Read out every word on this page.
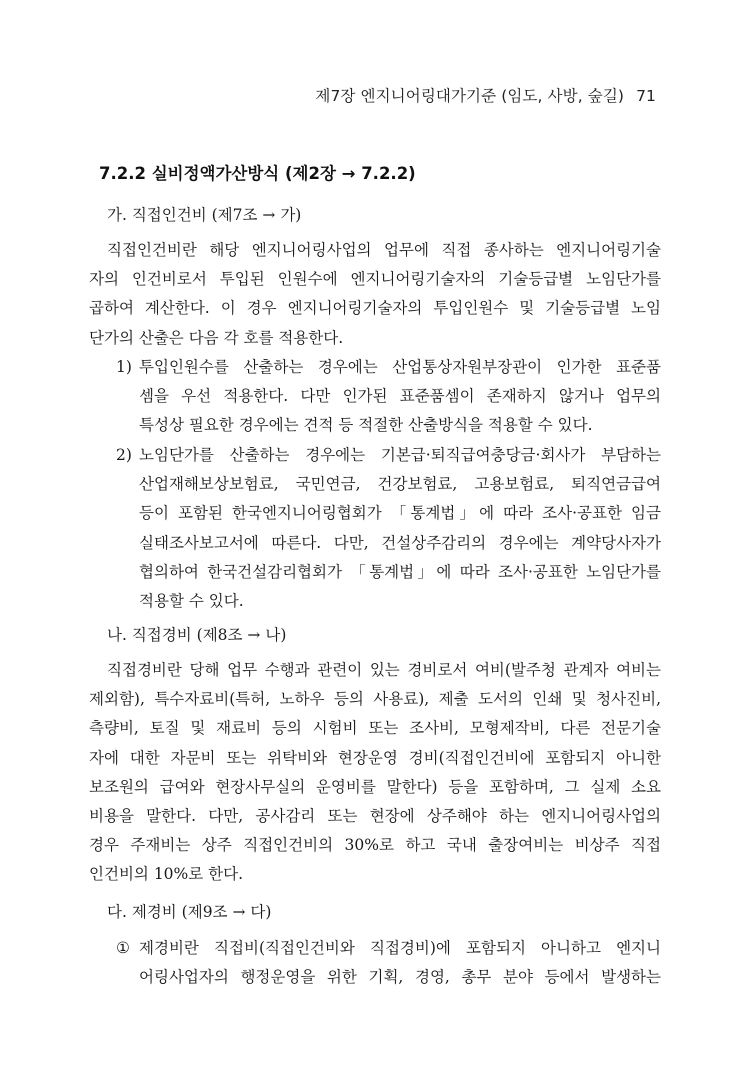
제7장 엔지니어링대가기준 (임도, 사방, 숲길) 71
7.2.2 실비정액가산방식 (제2장 → 7.2.2)
가. 직접인건비 (제7조 → 가)
직접인건비란 해당 엔지니어링사업의 업무에 직접 종사하는 엔지니어링기술
자의 인건비로서 투입된 인원수에 엔지니어링기술자의 기술등급별 노임단가를
곱하여 계산한다. 이 경우 엔지니어링기술자의 투입인원수 및 기술등급별 노임
단가의 산출은 다음 각 호를 적용한다.
1) 투입인원수를 산출하는 경우에는 산업통상자원부장관이 인가한 표준품
셈을 우선 적용한다. 다만 인가된 표준품셈이 존재하지 않거나 업무의
특성상 필요한 경우에는 견적 등 적절한 산출방식을 적용할 수 있다.
2) 노임단가를 산출하는 경우에는 기본급·퇴직급여충당금·회사가 부담하는
산업재해보상보험료, 국민연금, 건강보험료, 고용보험료, 퇴직연금급여
등이 포함된 한국엔지니어링협회가 「통계법」에 따라 조사·공표한 임금
실태조사보고서에 따른다. 다만, 건설상주감리의 경우에는 계약당사자가
협의하여 한국건설감리협회가 「통계법」에 따라 조사·공표한 노임단가를
적용할 수 있다.
나. 직접경비 (제8조 → 나)
직접경비란 당해 업무 수행과 관련이 있는 경비로서 여비(발주청 관계자 여비는
제외함), 특수자료비(특허, 노하우 등의 사용료), 제출 도서의 인쇄 및 청사진비,
측량비, 토질 및 재료비 등의 시험비 또는 조사비, 모형제작비, 다른 전문기술
자에 대한 자문비 또는 위탁비와 현장운영 경비(직접인건비에 포함되지 아니한
보조원의 급여와 현장사무실의 운영비를 말한다) 등을 포함하며, 그 실제 소요
비용을 말한다. 다만, 공사감리 또는 현장에 상주해야 하는 엔지니어링사업의
경우 주재비는 상주 직접인건비의 30%로 하고 국내 출장여비는 비상주 직접
인건비의 10%로 한다.
다. 제경비 (제9조 → 다)
① 제경비란 직접비(직접인건비와 직접경비)에 포함되지 아니하고 엔지니
어링사업자의 행정운영을 위한 기획, 경영, 총무 분야 등에서 발생하는
